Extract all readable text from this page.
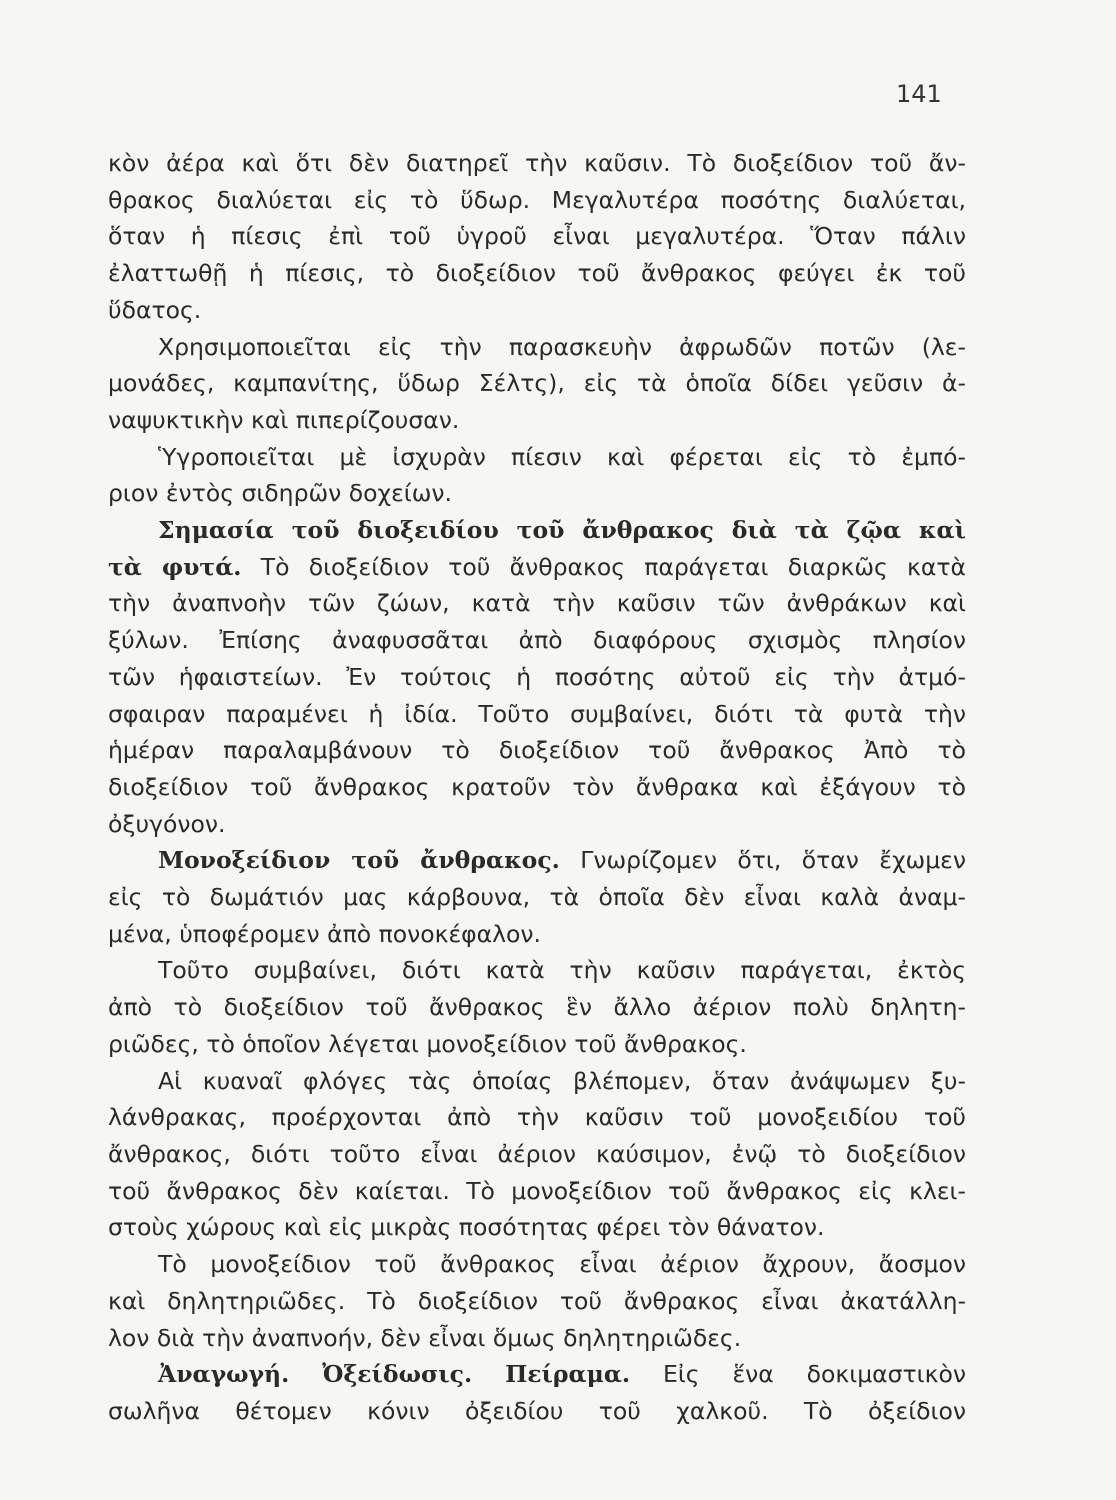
141
κὸν ἀέρα καὶ ὅτι δὲν διατηρεῖ τὴν καῦσιν. Τὸ διοξείδιον τοῦ ἄν-
θρακος διαλύεται εἰς τὸ ὕδωρ. Μεγαλυτέρα ποσότης διαλύεται,
ὅταν ἡ πίεσις ἐπὶ τοῦ ὑγροῦ εἶναι μεγαλυτέρα. Ὅταν πάλιν
ἐλαττωθῇ ἡ πίεσις, τὸ διοξείδιον τοῦ ἄνθρακος φεύγει ἐκ τοῦ
ὕδατος.
Χρησιμοποιεῖται εἰς τὴν παρασκευὴν ἀφρωδῶν ποτῶν (λε-
μονάδες, καμπανίτης, ὕδωρ Σέλτς), εἰς τὰ ὁποῖα δίδει γεῦσιν ἀ-
ναψυκτικὴν καὶ πιπερίζουσαν.
Ὑγροποιεῖται μὲ ἰσχυρὰν πίεσιν καὶ φέρεται εἰς τὸ ἐμπό-
ριον ἐντὸς σιδηρῶν δοχείων.
Σημασία τοῦ διοξειδίου τοῦ ἄνθρακος διὰ τὰ ζῷα καὶ
τὰ φυτά. Τὸ διοξείδιον τοῦ ἄνθρακος παράγεται διαρκῶς κατὰ
τὴν ἀναπνοὴν τῶν ζώων, κατὰ τὴν καῦσιν τῶν ἀνθράκων καὶ
ξύλων. Ἐπίσης ἀναφυσσᾶται ἀπὸ διαφόρους σχισμὸς πλησίον
τῶν ἡφαιστείων. Ἐν τούτοις ἡ ποσότης αὐτοῦ εἰς τὴν ἀτμό-
σφαιραν παραμένει ἡ ἰδία. Τοῦτο συμβαίνει, διότι τὰ φυτὰ τὴν
ἡμέραν παραλαμβάνουν τὸ διοξείδιον τοῦ ἄνθρακος Ἀπὸ τὸ
διοξείδιον τοῦ ἄνθρακος κρατοῦν τὸν ἄνθρακα καὶ ἐξάγουν τὸ
ὀξυγόνον.
Μονοξείδιον τοῦ ἄνθρακος. Γνωρίζομεν ὅτι, ὅταν ἔχωμεν
εἰς τὸ δωμάτιόν μας κάρβουνα, τὰ ὁποῖα δὲν εἶναι καλὰ ἀναμ-
μένα, ὑποφέρομεν ἀπὸ πονοκέφαλον.
Τοῦτο συμβαίνει, διότι κατὰ τὴν καῦσιν παράγεται, ἐκτὸς
ἀπὸ τὸ διοξείδιον τοῦ ἄνθρακος ἓν ἄλλο ἀέριον πολὺ δηλητη-
ριῶδες, τὸ ὁποῖον λέγεται μονοξείδιον τοῦ ἄνθρακος.
Αἱ κυαναῖ φλόγες τὰς ὁποίας βλέπομεν, ὅταν ἀνάψωμεν ξυ-
λάνθρακας, προέρχονται ἀπὸ τὴν καῦσιν τοῦ μονοξειδίου τοῦ
ἄνθρακος, διότι τοῦτο εἶναι ἀέριον καύσιμον, ἐνῷ τὸ διοξείδιον
τοῦ ἄνθρακος δὲν καίεται. Τὸ μονοξείδιον τοῦ ἄνθρακος εἰς κλει-
στοὺς χώρους καὶ εἰς μικρὰς ποσότητας φέρει τὸν θάνατον.
Τὸ μονοξείδιον τοῦ ἄνθρακος εἶναι ἀέριον ἄχρουν, ἄοσμον
καὶ δηλητηριῶδες. Τὸ διοξείδιον τοῦ ἄνθρακος εἶναι ἀκατάλλη-
λον διὰ τὴν ἀναπνοήν, δὲν εἶναι ὅμως δηλητηριῶδες.
Ἀναγωγή. Ὀξείδωσις. Πείραμα. Εἰς ἕνα δοκιμαστικὸν
σωλῆνα θέτομεν κόνιν ὀξειδίου τοῦ χαλκοῦ. Τὸ ὀξείδιον
